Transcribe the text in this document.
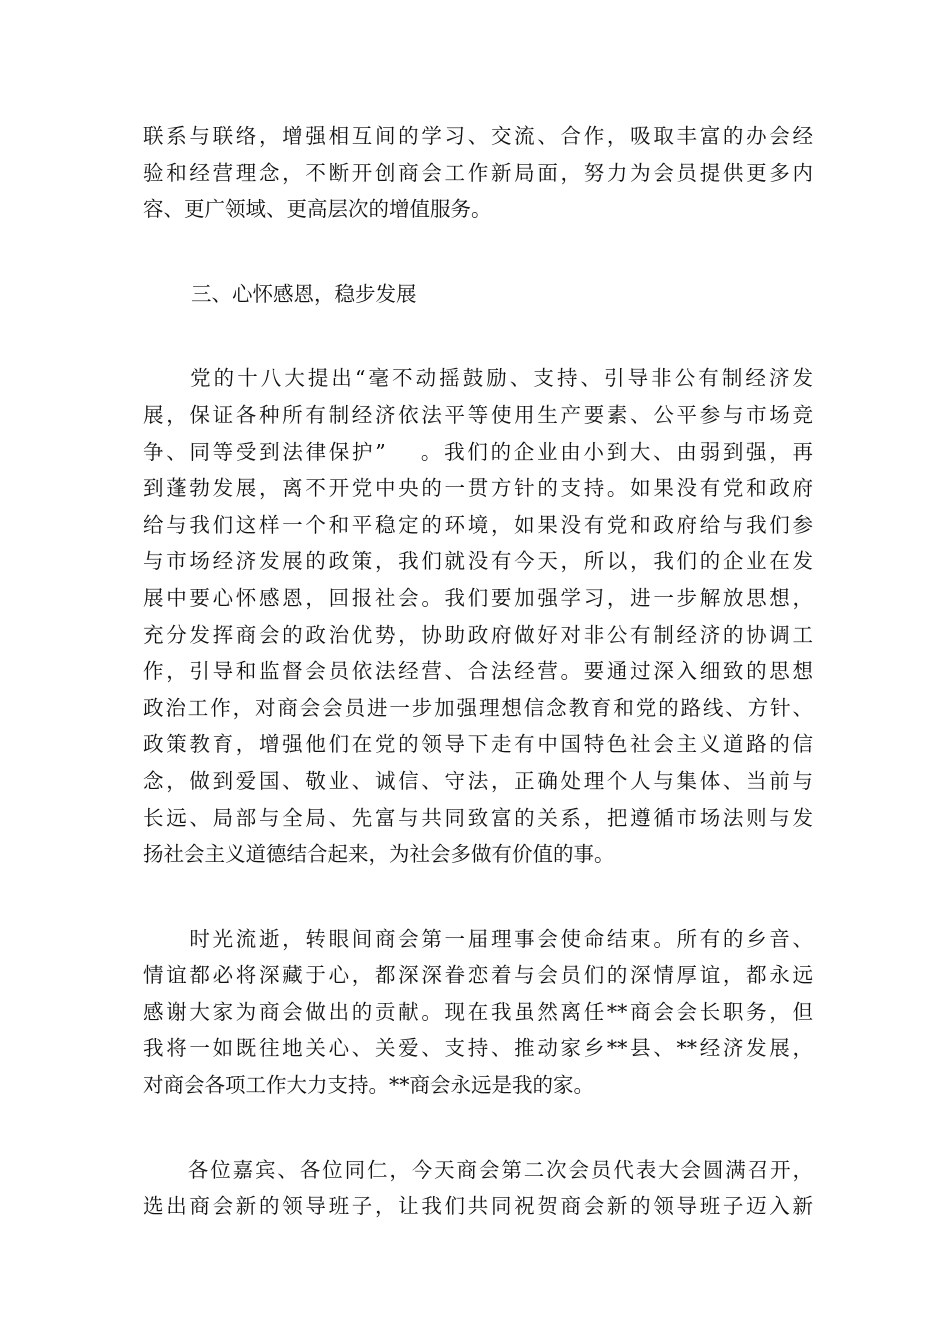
联系与联络，增强相互间的学习、交流、合作，吸取丰富的办会经
验和经营理念，不断开创商会工作新局面，努力为会员提供更多内
容、更广领域、更高层次的增值服务。
三、心怀感恩，稳步发展
　　党的十八大提出“毫不动摇鼓励、支持、引导非公有制经济发
展，保证各种所有制经济依法平等使用生产要素、公平参与市场竞
争、同等受到法律保护”　 。我们的企业由小到大、由弱到强，再
到蓬勃发展，离不开党中央的一贯方针的支持。如果没有党和政府
给与我们这样一个和平稳定的环境，如果没有党和政府给与我们参
与市场经济发展的政策，我们就没有今天，所以，我们的企业在发
展中要心怀感恩，回报社会。我们要加强学习，进一步解放思想，
充分发挥商会的政治优势，协助政府做好对非公有制经济的协调工
作，引导和监督会员依法经营、合法经营。要通过深入细致的思想
政治工作，对商会会员进一步加强理想信念教育和党的路线、方针、
政策教育，增强他们在党的领导下走有中国特色社会主义道路的信
念，做到爱国、敬业、诚信、守法，正确处理个人与集体、当前与
长远、局部与全局、先富与共同致富的关系，把遵循市场法则与发
扬社会主义道德结合起来，为社会多做有价值的事。
　　时光流逝，转眼间商会第一届理事会使命结束。所有的乡音、
情谊都必将深藏于心，都深深眷恋着与会员们的深情厚谊，都永远
感谢大家为商会做出的贡献。现在我虽然离任**商会会长职务，但
我将一如既往地关心、关爱、支持、推动家乡**县、**经济发展，
对商会各项工作大力支持。**商会永远是我的家。
　　各位嘉宾、各位同仁，今天商会第二次会员代表大会圆满召开，
选出商会新的领导班子，让我们共同祝贺商会新的领导班子迈入新
